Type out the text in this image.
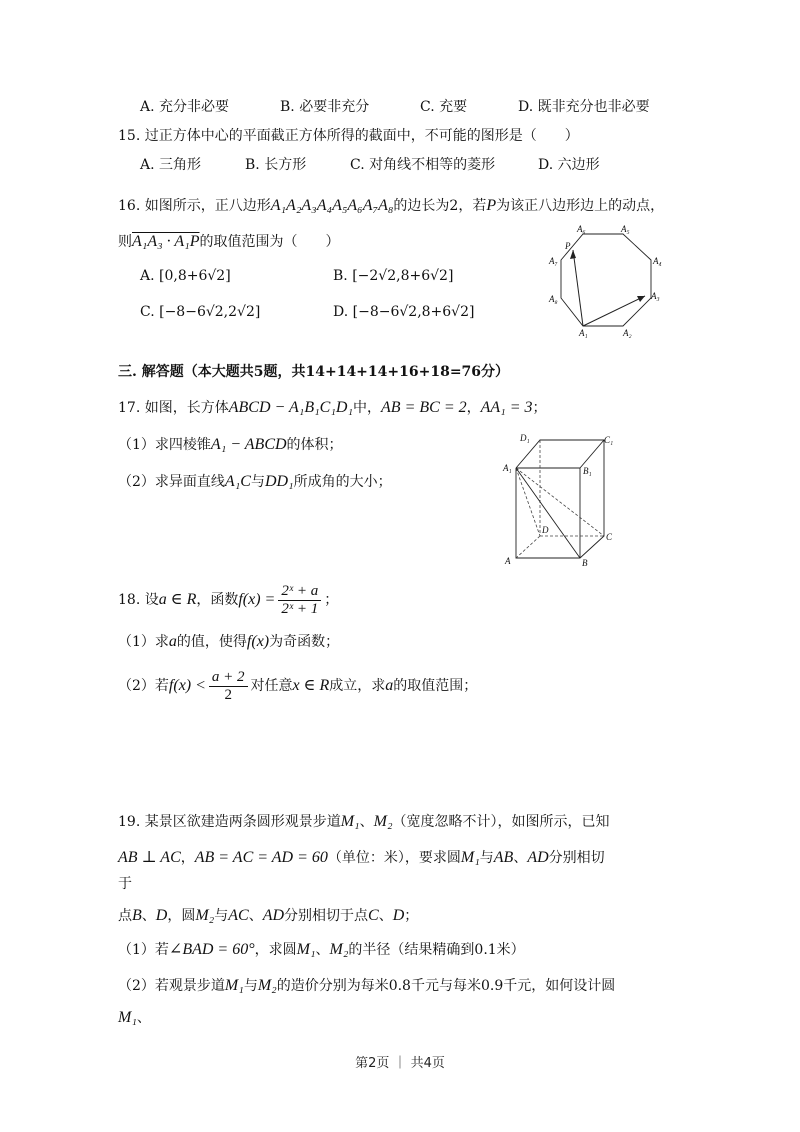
A. 充分非必要	B. 必要非充分	C. 充要	D. 既非充分也非必要
15. 过正方体中心的平面截正方体所得的截面中，不可能的图形是（　　）
A. 三角形	B. 长方形	C. 对角线不相等的菱形	D. 六边形
16. 如图所示，正八边形A₁A₂A₃A₄A₅A₆A₇A₈的边长为2，若P为该正八边形边上的动点，
则A₁A₃ · A₁P的取值范围为（　　）
A. [0,8+6√2]	B. [−2√2,8+6√2]
C. [−8−6√2,2√2]	D. [−8−6√2,8+6√2]
A₆	A₅
P
A₇	A₄
A₈	A₃
A₁	A₂
三. 解答题（本大题共5题，共14+14+14+16+18=76分）
17. 如图，长方体ABCD − A₁B₁C₁D₁中，AB = BC = 2，AA₁ = 3；
（1）求四棱锥A₁ − ABCD的体积；
（2）求异面直线A₁C与DD₁所成角的大小；
D₁	C₁
A₁	B₁
D
C
A	B
18. 设a ∈ R，函数$f(x) = \frac{\text{2ˣ + a}}{\text{2ˣ + 1}}$ ；
（1）求a的值，使得f(x)为奇函数；
（2）若$f(x) < \frac{a + 2}{2}$ 对任意x ∈ R成立，求a的取值范围；
19. 某景区欲建造两条圆形观景步道M₁、M₂（宽度忽略不计），如图所示，已知
AB ⊥ AC，AB = AC = AD = 60（单位：米），要求圆M₁与AB、AD分别相切
于
点B、D，圆M₂与AC、AD分别相切于点C、D；
（1）若∠BAD = 60°，求圆M₁、M₂的半径（结果精确到0.1米）
（2）若观景步道M₁与M₂的造价分别为每米0.8千元与每米0.9千元，如何设计圆
M₁、
第2页 ｜ 共4页
